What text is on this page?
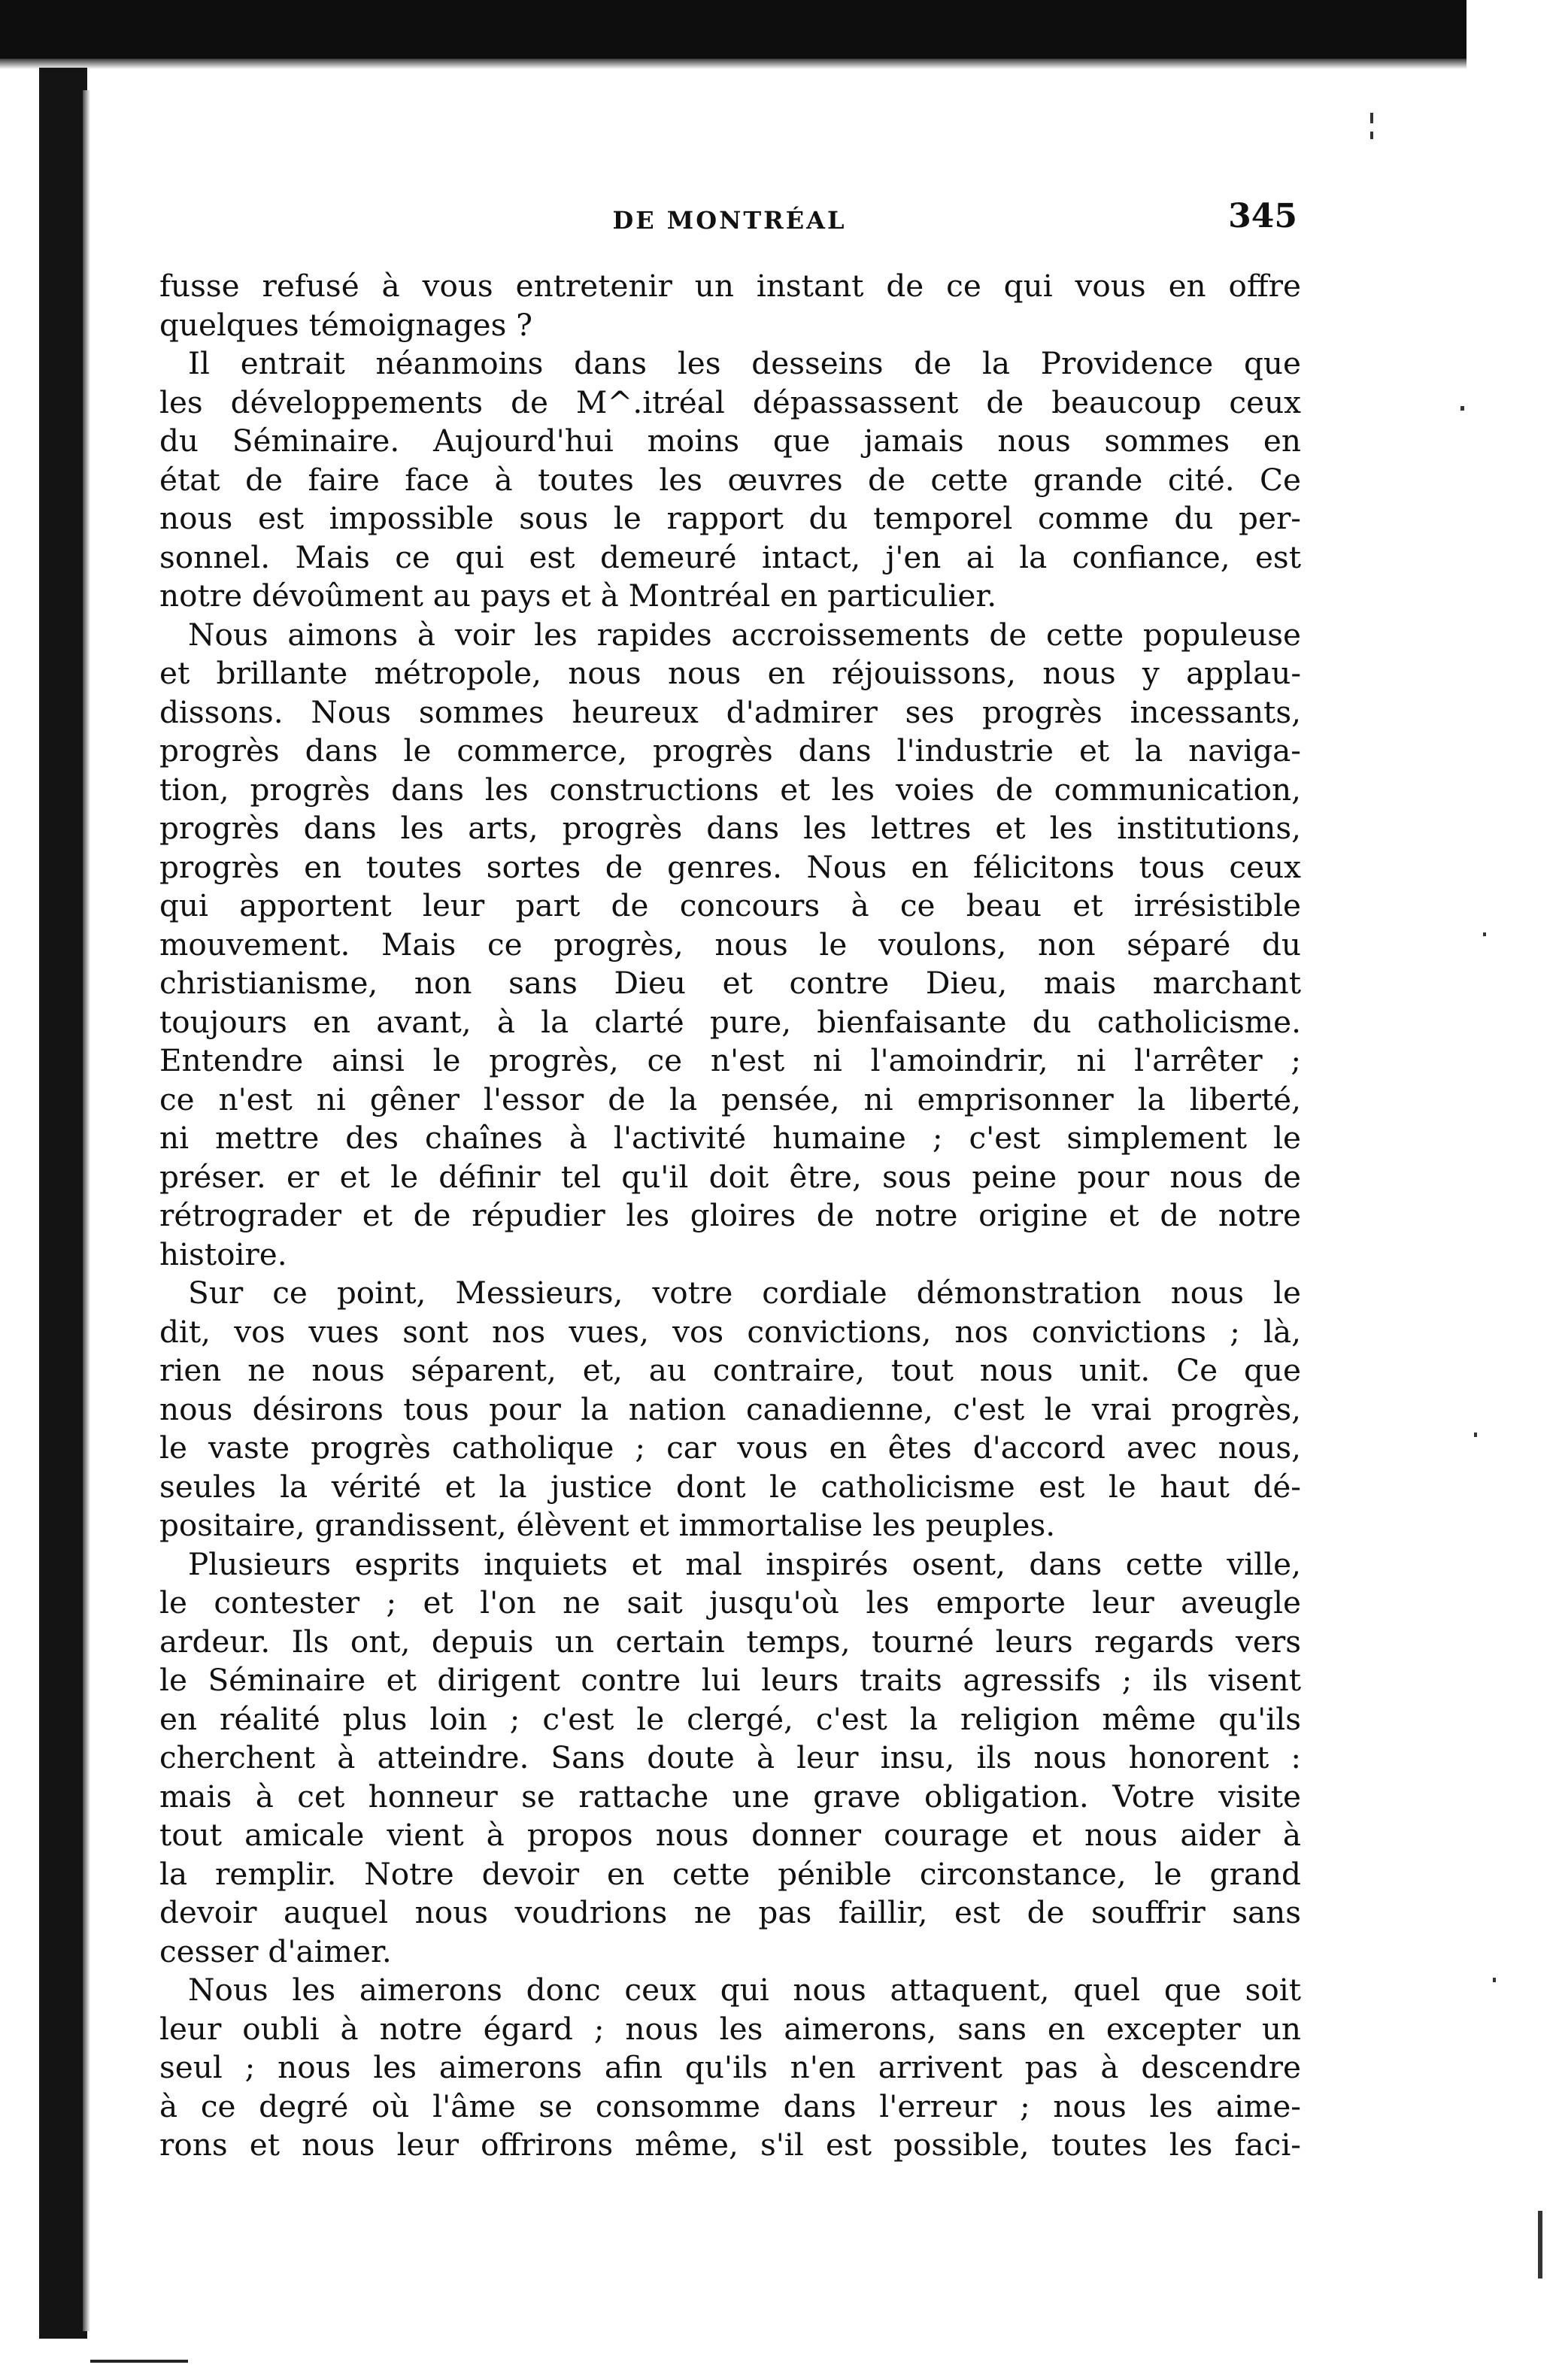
DE MONTRÉAL	345
fusse refusé à vous entretenir un instant de ce qui vous en offre
quelques témoignages ?
Il entrait néanmoins dans les desseins de la Providence que
les développements de M^.itréal dépassassent de beaucoup ceux
du Séminaire. Aujourd'hui moins que jamais nous sommes en
état de faire face à toutes les œuvres de cette grande cité. Ce
nous est impossible sous le rapport du temporel comme du per-
sonnel. Mais ce qui est demeuré intact, j'en ai la confiance, est
notre dévoûment au pays et à Montréal en particulier.
Nous aimons à voir les rapides accroissements de cette populeuse
et brillante métropole, nous nous en réjouissons, nous y applau-
dissons. Nous sommes heureux d'admirer ses progrès incessants,
progrès dans le commerce, progrès dans l'industrie et la naviga-
tion, progrès dans les constructions et les voies de communication,
progrès dans les arts, progrès dans les lettres et les institutions,
progrès en toutes sortes de genres. Nous en félicitons tous ceux
qui apportent leur part de concours à ce beau et irrésistible
mouvement. Mais ce progrès, nous le voulons, non séparé du
christianisme, non sans Dieu et contre Dieu, mais marchant
toujours en avant, à la clarté pure, bienfaisante du catholicisme.
Entendre ainsi le progrès, ce n'est ni l'amoindrir, ni l'arrêter ;
ce n'est ni gêner l'essor de la pensée, ni emprisonner la liberté,
ni mettre des chaînes à l'activité humaine ; c'est simplement le
préser. er et le définir tel qu'il doit être, sous peine pour nous de
rétrograder et de répudier les gloires de notre origine et de notre
histoire.
Sur ce point, Messieurs, votre cordiale démonstration nous le
dit, vos vues sont nos vues, vos convictions, nos convictions ; là,
rien ne nous séparent, et, au contraire, tout nous unit. Ce que
nous désirons tous pour la nation canadienne, c'est le vrai progrès,
le vaste progrès catholique ; car vous en êtes d'accord avec nous,
seules la vérité et la justice dont le catholicisme est le haut dé-
positaire, grandissent, élèvent et immortalise les peuples.
Plusieurs esprits inquiets et mal inspirés osent, dans cette ville,
le contester ; et l'on ne sait jusqu'où les emporte leur aveugle
ardeur. Ils ont, depuis un certain temps, tourné leurs regards vers
le Séminaire et dirigent contre lui leurs traits agressifs ; ils visent
en réalité plus loin ; c'est le clergé, c'est la religion même qu'ils
cherchent à atteindre. Sans doute à leur insu, ils nous honorent :
mais à cet honneur se rattache une grave obligation. Votre visite
tout amicale vient à propos nous donner courage et nous aider à
la remplir. Notre devoir en cette pénible circonstance, le grand
devoir auquel nous voudrions ne pas faillir, est de souffrir sans
cesser d'aimer.
Nous les aimerons donc ceux qui nous attaquent, quel que soit
leur oubli à notre égard ; nous les aimerons, sans en excepter un
seul ; nous les aimerons afin qu'ils n'en arrivent pas à descendre
à ce degré où l'âme se consomme dans l'erreur ; nous les aime-
rons et nous leur offrirons même, s'il est possible, toutes les faci-
